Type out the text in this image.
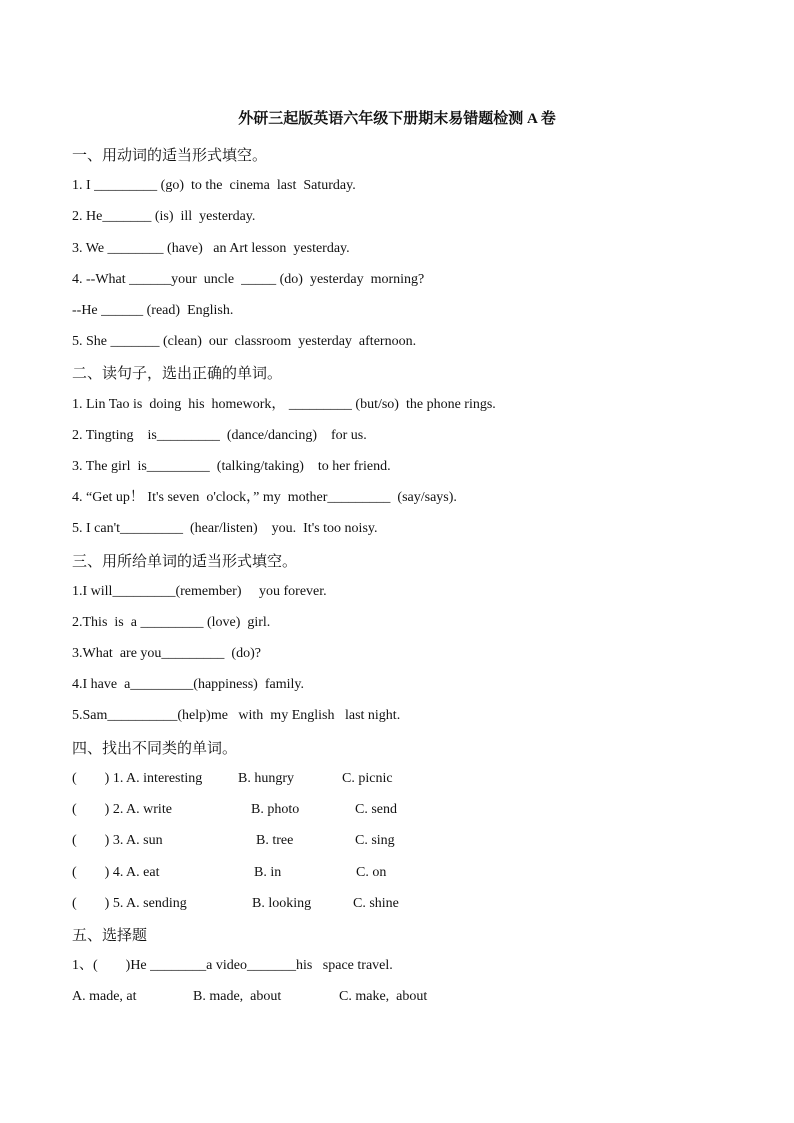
外研三起版英语六年级下册期末易错题检测 A 卷
一、用动词的适当形式填空。
1. I _________ (go)  to the  cinema  last  Saturday.
2. He_______ (is)  ill  yesterday.
3. We ________ (have)   an Art lesson  yesterday.
4. --What ______your  uncle  _____ (do)  yesterday  morning?
--He ______ (read)  English.
5. She _______ (clean)  our  classroom  yesterday  afternoon.
二、读句子，选出正确的单词。
1. Lin Tao is  doing  his  homework， _________ (but/so)  the phone rings.
2. Tingting    is_________  (dance/dancing)    for us.
3. The girl  is_________  (talking/taking)    to her friend.
4. “Get up！ It's seven  o'clock，” my  mother_________  (say/says).
5. I can't_________  (hear/listen)    you.  It's too noisy.
三、用所给单词的适当形式填空。
1.I will_________(remember)     you forever.
2.This  is  a _________ (love)  girl.
3.What  are you_________  (do)?
4.I have  a_________(happiness)  family.
5.Sam__________(help)me   with  my English   last night.
四、找出不同类的单词。
(        ) 1. A. interesting	B. hungry	C. picnic
(        ) 2. A. write	B. photo	C. send
(        ) 3. A. sun	B. tree	C. sing
(        ) 4. A. eat	B. in	C. on
(        ) 5. A. sending	B. looking	C. shine
五、选择题
1、(        )He ________a video_______his   space travel.
A. made, at	B. made,  about	C. make,  about
